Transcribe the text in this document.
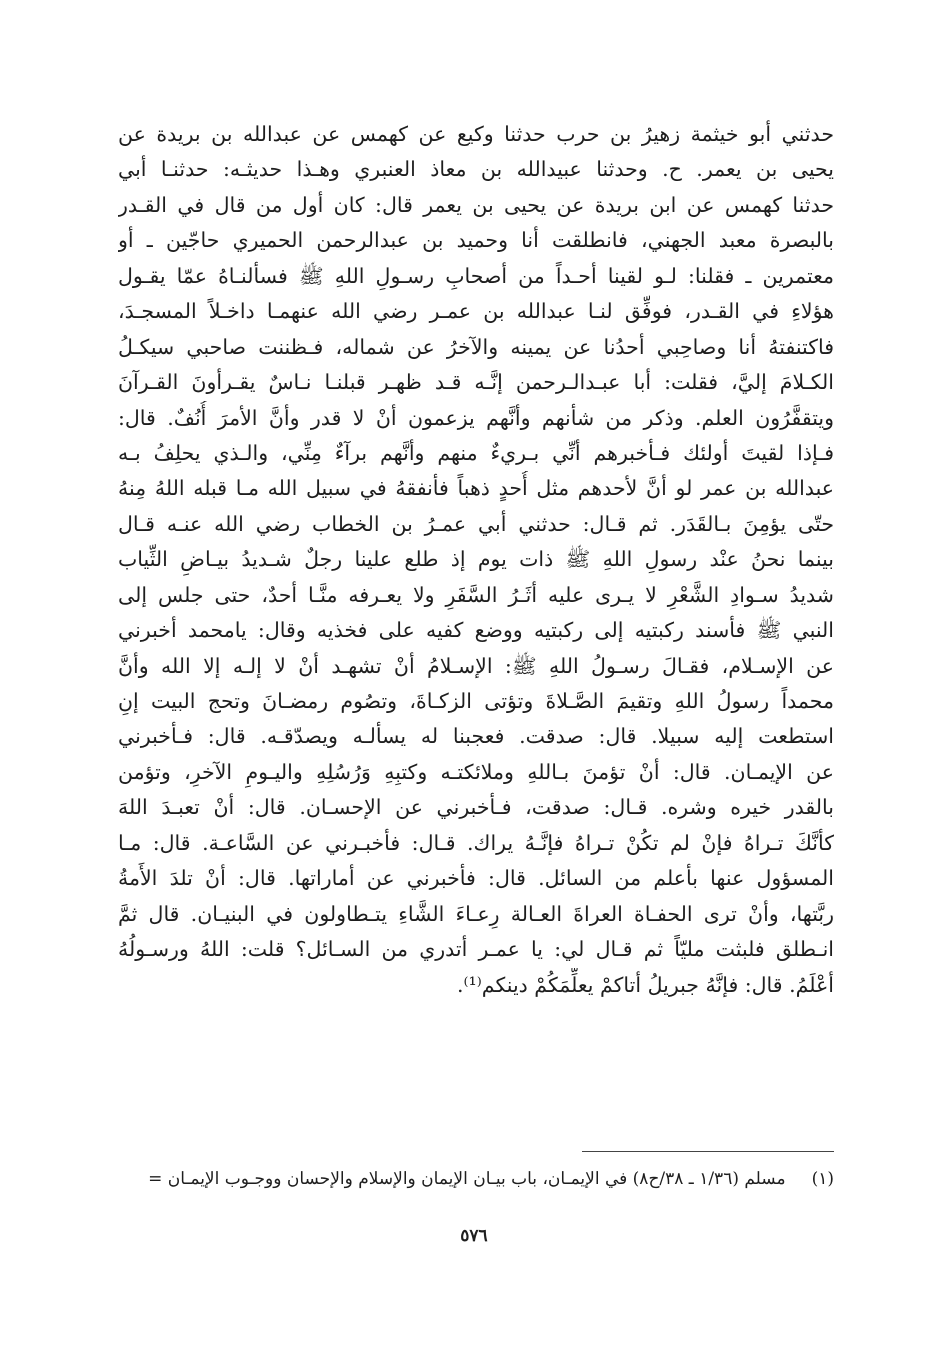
حدثني أبو خيثمة زهيرُ بن حرب حدثنا وكيع عن كهمس عن عبدالله بن بريدة عن
يحيى بن يعمر. ح. وحدثنا عبيدالله بن معاذ العنبري وهـذا حديثـه: حدثنـا أبي
حدثنا كهمس عن ابن بريدة عن يحيى بن يعمر قال: كان أول من قال في القـدر
بالبصرة معبد الجهني، فانطلقت أنا وحميد بن عبدالرحمن الحميري حاجّين ـ أو
معتمرين ـ فقلنا: لـو لقينا أحـداً من أصحابِ رسـولِ اللهِ ﷺ فسألنـاهُ عمّا يقـول
هؤلاءِ في القـدر، فوفِّق لنـا عبدالله بن عمـر رضي الله عنهمـا داخـلاً المسجـدَ،
فاكتنفتهُ أنا وصاحِبي أحدُنا عن يمينه والآخرُ عن شماله، فـظننت صاحبي سيكـلُ
الكـلامَ إليَّ، فقلت: أبا عبـدالـرحمن إنَّـه قـد ظهـر قبلنـا نـاسٌ يقـرأونَ القـرآنَ
ويتقفَّرُون العلم. وذكر من شأنهم وأنَّهم يزعمون أنْ لا قدر وأنَّ الأمرَ أُنُفٌ. قال:
فـإذا لقيتَ أولئك فـأخبرهم أنِّي بـريءٌ منهم وأنَّهم برآءٌ مِنِّي، والـذي يحلِفُ بـه
عبدالله بن عمر لو أنَّ لأحدهم مثل أُحدٍ ذهباً فأنفقهُ في سبيل الله مـا قبله اللهُ مِنهُ
حتّى يؤمِنَ بـالقَدَر. ثم قـال: حدثني أبي عمـرُ بن الخطاب رضي الله عنـه قـال
بينما نحنُ عنْد رسولِ اللهِ ﷺ ذات يوم إذ طلع علينا رجلٌ شـديدُ بيـاضِ الثِّياب
شديدُ سـوادِ الشَّعْرِ لا يـرى عليه أثَـرُ السَّفَرِ ولا يعـرفه منَّـا أحدٌ، حتى جلس إلى
النبي ﷺ فأسند ركبتيه إلى ركبتيه ووضع كفيه على فخذيه وقال: يامحمد أخبرني
عن الإسـلام، فقـالَ رسـولُ اللهِ ﷺ: الإسـلامُ أنْ تشهـد أنْ لا إلـه إلا الله وأنَّ
محمداً رسولُ اللهِ وتقيمَ الصَّـلاةَ وتؤتى الزكـاةَ، وتصُوم رمضـانَ وتحج البيت إنِ
استطعت إليه سبيلا. قال: صدقت. فعجبنا له يسألـه ويصدّقـه. قال: فـأخبرني
عن الإيمـان. قال: أنْ تؤمنَ بـاللهِ وملائكتـه وكتبِهِ وَرُسُلِهِ واليـومِ الآخرِ، وتؤمن
بالقدر خيره وشره. قـال: صدقت، فـأخبرني عن الإحسـان. قال: أنْ تعبـدَ اللهَ
كأنَّكَ تـراهُ فإنْ لم تكُنْ تـراهُ فإنَّـهُ يراك. قـال: فأخبـرني عن السَّاعـة. قال: مـا
المسؤول عنها بأعلم من السائل. قال: فأخبرني عن أماراتها. قال: أنْ تلدَ الأَمةُ
ربَّتها، وأنْ ترى الحفـاة العراةَ العـالة رِعـاءَ الشَّاءِ يتـطاولون في البنيـان. قال ثمَّ
انـطلق فلبثت مليّاً ثم قـال لي: يا عمـر أتدري من السـائل؟ قلت: اللهُ ورسـولُهُ
أعْلَمُ. قال: فإنَّهُ جبريلُ أتاكمْ يعلِّمَكُمْ دينكم⁽¹⁾.
(١)مسلم (١/٣٦ ـ ٣٨/ح٨) في الإيمـان، باب بيـان الإيمان والإسلام والإحسان ووجـوب الإيمـان =
٥٧٦
